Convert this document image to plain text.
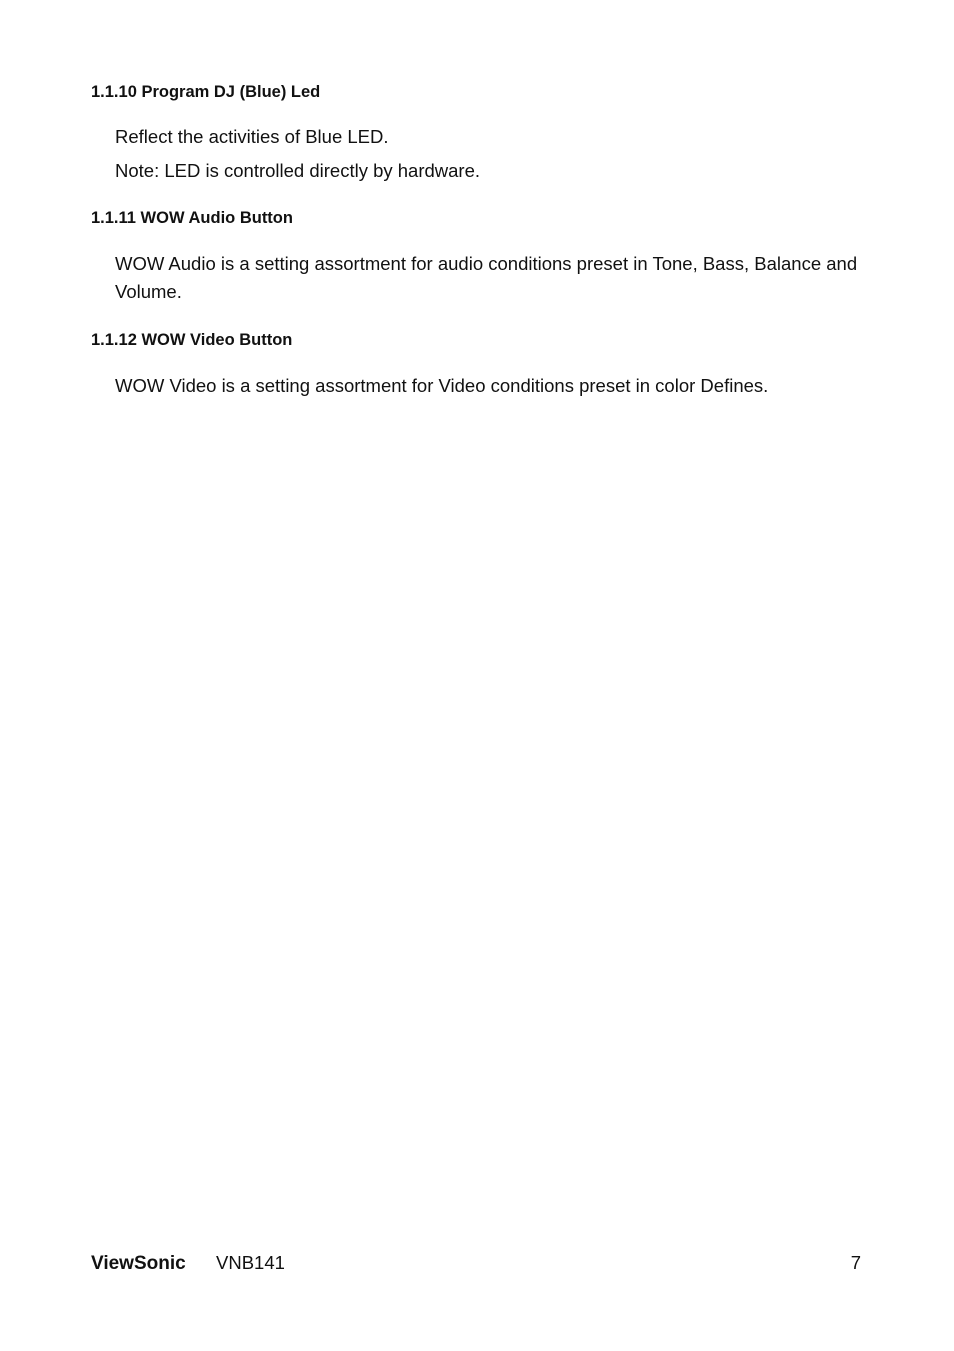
1.1.10 Program DJ (Blue) Led

Reflect the activities of Blue LED.

Note: LED is controlled directly by hardware.

1.1.11 WOW Audio Button

WOW Audio is a setting assortment for audio conditions preset in Tone, Bass, Balance and Volume.

1.1.12 WOW Video Button

WOW Video is a setting assortment for Video conditions preset in color Defines.

ViewSonic VNB141	7
